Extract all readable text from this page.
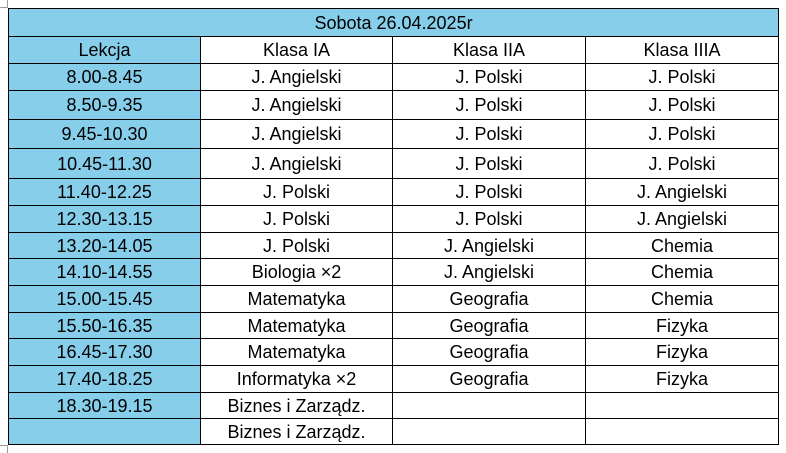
Sobota 26.04.2025r			
Lekcja	Klasa IA	Klasa IIA	Klasa IIIA
8.00-8.45	J. Angielski	J. Polski	J. Polski
8.50-9.35	J. Angielski	J. Polski	J. Polski
9.45-10.30	J. Angielski	J. Polski	J. Polski
10.45-11.30	J. Angielski	J. Polski	J. Polski
11.40-12.25	J. Polski	J. Polski	J. Angielski
12.30-13.15	J. Polski	J. Polski	J. Angielski
13.20-14.05	J. Polski	J. Angielski	Chemia
14.10-14.55	Biologia ×2	J. Angielski	Chemia
15.00-15.45	Matematyka	Geografia	Chemia
15.50-16.35	Matematyka	Geografia	Fizyka
16.45-17.30	Matematyka	Geografia	Fizyka
17.40-18.25	Informatyka ×2	Geografia	Fizyka
18.30-19.15	Biznes i Zarządz.		
	Biznes i Zarządz.		
